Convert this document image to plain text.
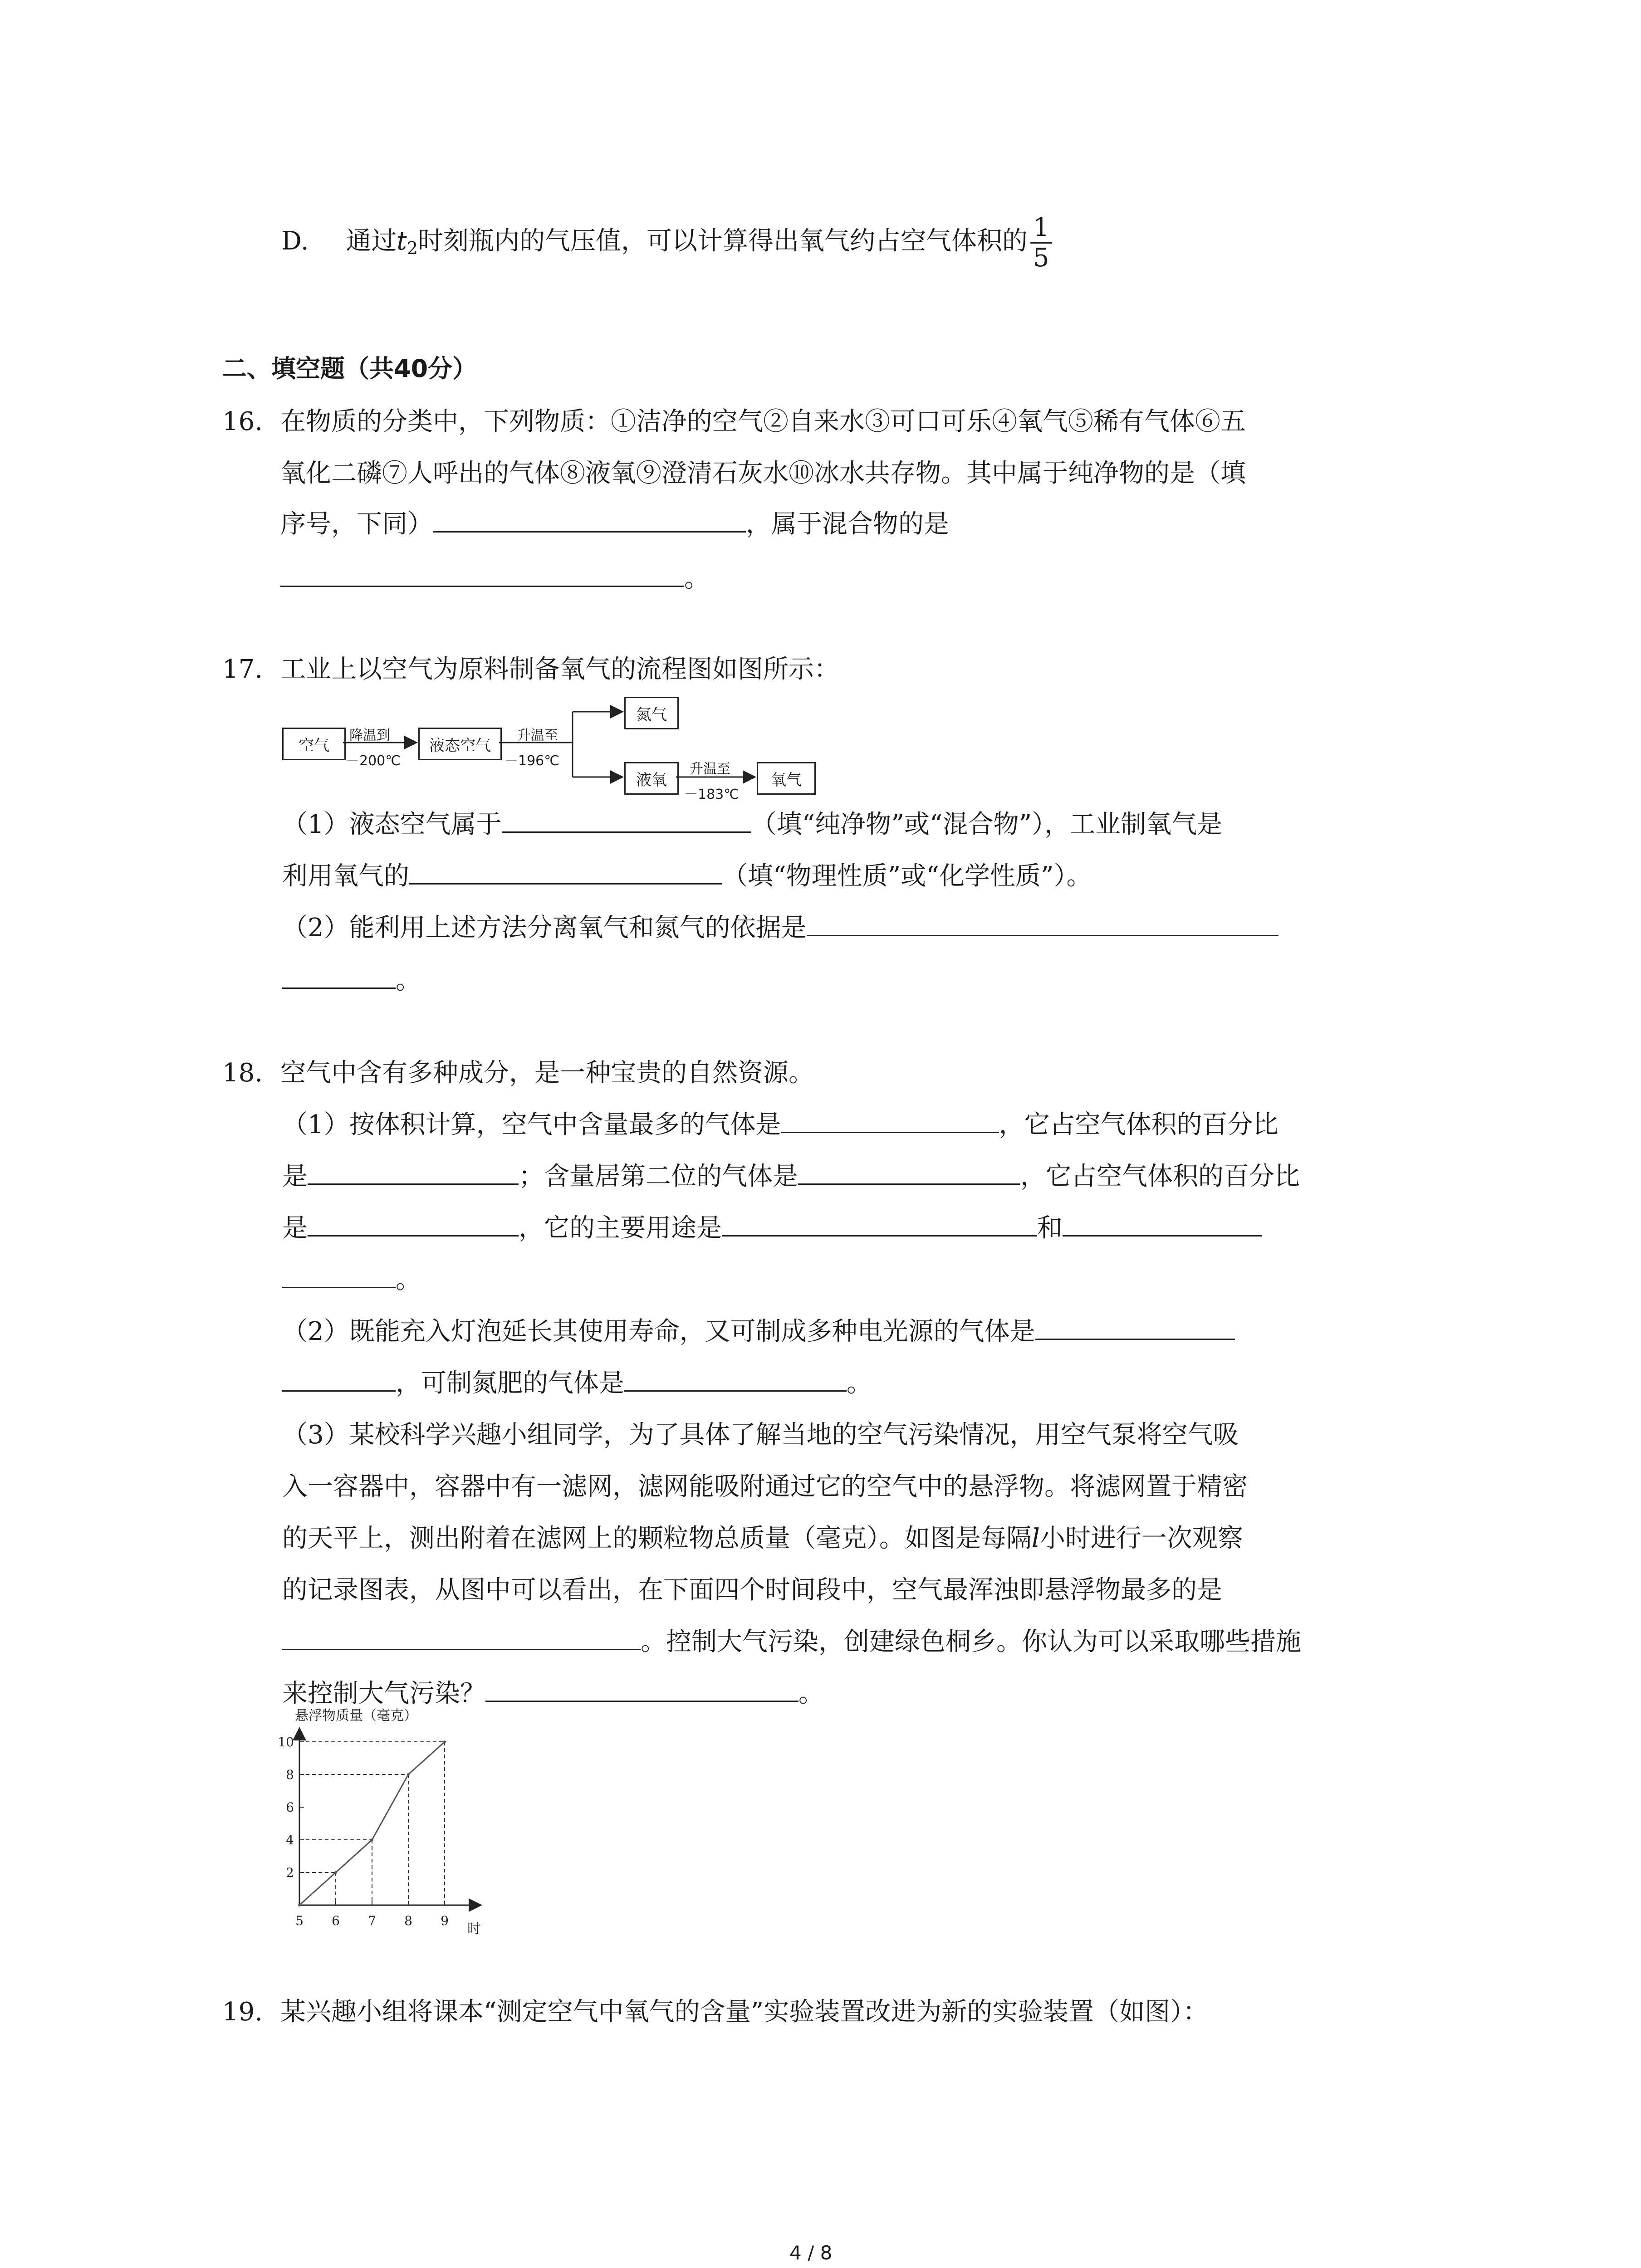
D. 通过$t_2$时刻瓶内的气压值，可以计算得出氧气约占空气体积的 $\frac{1}{5}$
二、填空题（共40分）
16. 在物质的分类中，下列物质：①洁净的空气②自来水③可口可乐④氧气⑤稀有气体⑥五
氧化二磷⑦人呼出的气体⑧液氧⑨澄清石灰水⑩冰水共存物。其中属于纯净物的是（填
序号，下同）	，属于混合物的是
。
17. 工业上以空气为原料制备氧气的流程图如图所示：
空气
降温到
－200℃
液态空气
升温至
－196℃
氮气
液氧
升温至
－183℃
氧气
（1）液态空气属于	（填“纯净物”或“混合物”），工业制氧气是
利用氧气的	（填“物理性质”或“化学性质”）。
（2）能利用上述方法分离氧气和氮气的依据是
。
18. 空气中含有多种成分，是一种宝贵的自然资源。
（1）按体积计算，空气中含量最多的气体是	，它占空气体积的百分比
是	；含量居第二位的气体是	，它占空气体积的百分比
是	，它的主要用途是	和
。
（2）既能充入灯泡延长其使用寿命，又可制成多种电光源的气体是
，可制氮肥的气体是	。
（3）某校科学兴趣小组同学，为了具体了解当地的空气污染情况，用空气泵将空气吸
入一容器中，容器中有一滤网，滤网能吸附通过它的空气中的悬浮物。将滤网置于精密
的天平上，测出附着在滤网上的颗粒物总质量（毫克）。如图是每隔l小时进行一次观察
的记录图表，从图中可以看出，在下面四个时间段中，空气最浑浊即悬浮物最多的是
。控制大气污染，创建绿色桐乡。你认为可以采取哪些措施
来控制大气污染？	。
悬浮物质量（毫克）
时
2
4
6
8
10
5 6 7 8 9
19. 某兴趣小组将课本“测定空气中氧气的含量”实验装置改进为新的实验装置（如图）：
4 / 8
